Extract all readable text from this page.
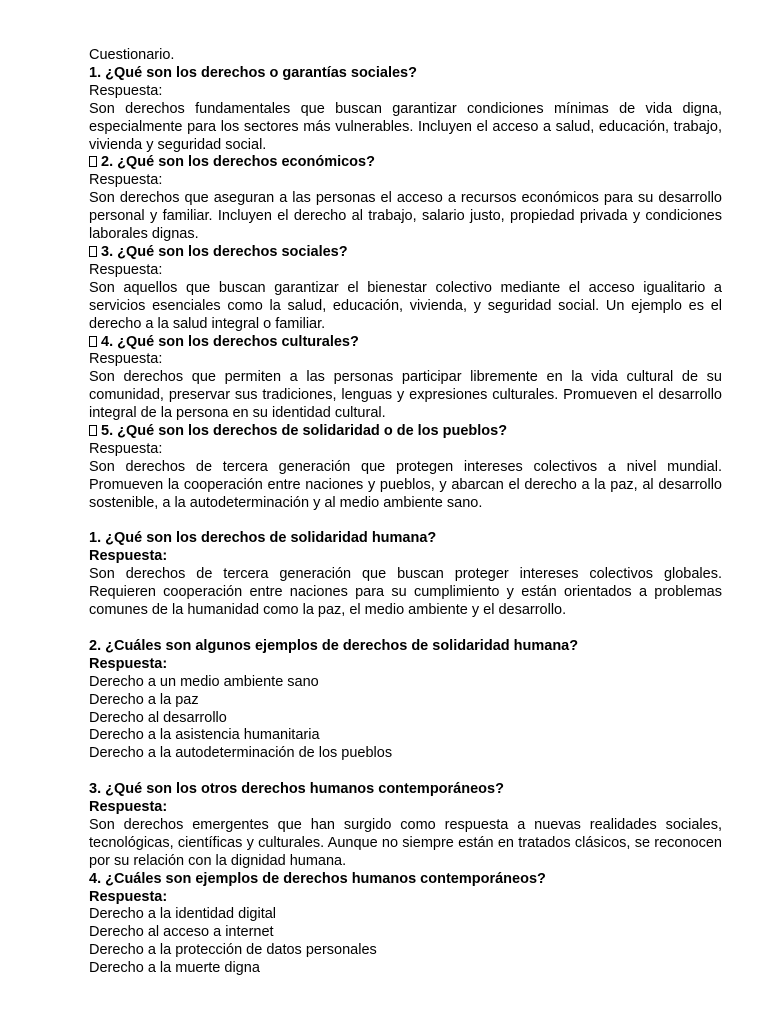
Cuestionario.
1. ¿Qué son los derechos o garantías sociales?
Respuesta:
Son derechos fundamentales que buscan garantizar condiciones mínimas de vida digna, especialmente para los sectores más vulnerables. Incluyen el acceso a salud, educación, trabajo, vivienda y seguridad social.
2. ¿Qué son los derechos económicos?
Respuesta:
Son derechos que aseguran a las personas el acceso a recursos económicos para su desarrollo personal y familiar. Incluyen el derecho al trabajo, salario justo, propiedad privada y condiciones laborales dignas.
3. ¿Qué son los derechos sociales?
Respuesta:
Son aquellos que buscan garantizar el bienestar colectivo mediante el acceso igualitario a servicios esenciales como la salud, educación, vivienda, y seguridad social. Un ejemplo es el derecho a la salud integral o familiar.
4. ¿Qué son los derechos culturales?
Respuesta:
Son derechos que permiten a las personas participar libremente en la vida cultural de su comunidad, preservar sus tradiciones, lenguas y expresiones culturales. Promueven el desarrollo integral de la persona en su identidad cultural.
5. ¿Qué son los derechos de solidaridad o de los pueblos?
Respuesta:
Son derechos de tercera generación que protegen intereses colectivos a nivel mundial. Promueven la cooperación entre naciones y pueblos, y abarcan el derecho a la paz, al desarrollo sostenible, a la autodeterminación y al medio ambiente sano.
1. ¿Qué son los derechos de solidaridad humana?
Respuesta:
Son derechos de tercera generación que buscan proteger intereses colectivos globales. Requieren cooperación entre naciones para su cumplimiento y están orientados a problemas comunes de la humanidad como la paz, el medio ambiente y el desarrollo.
2. ¿Cuáles son algunos ejemplos de derechos de solidaridad humana?
Respuesta:
Derecho a un medio ambiente sano
Derecho a la paz
Derecho al desarrollo
Derecho a la asistencia humanitaria
Derecho a la autodeterminación de los pueblos
3. ¿Qué son los otros derechos humanos contemporáneos?
Respuesta:
Son derechos emergentes que han surgido como respuesta a nuevas realidades sociales, tecnológicas, científicas y culturales. Aunque no siempre están en tratados clásicos, se reconocen por su relación con la dignidad humana.
4. ¿Cuáles son ejemplos de derechos humanos contemporáneos?
Respuesta:
Derecho a la identidad digital
Derecho al acceso a internet
Derecho a la protección de datos personales
Derecho a la muerte digna
